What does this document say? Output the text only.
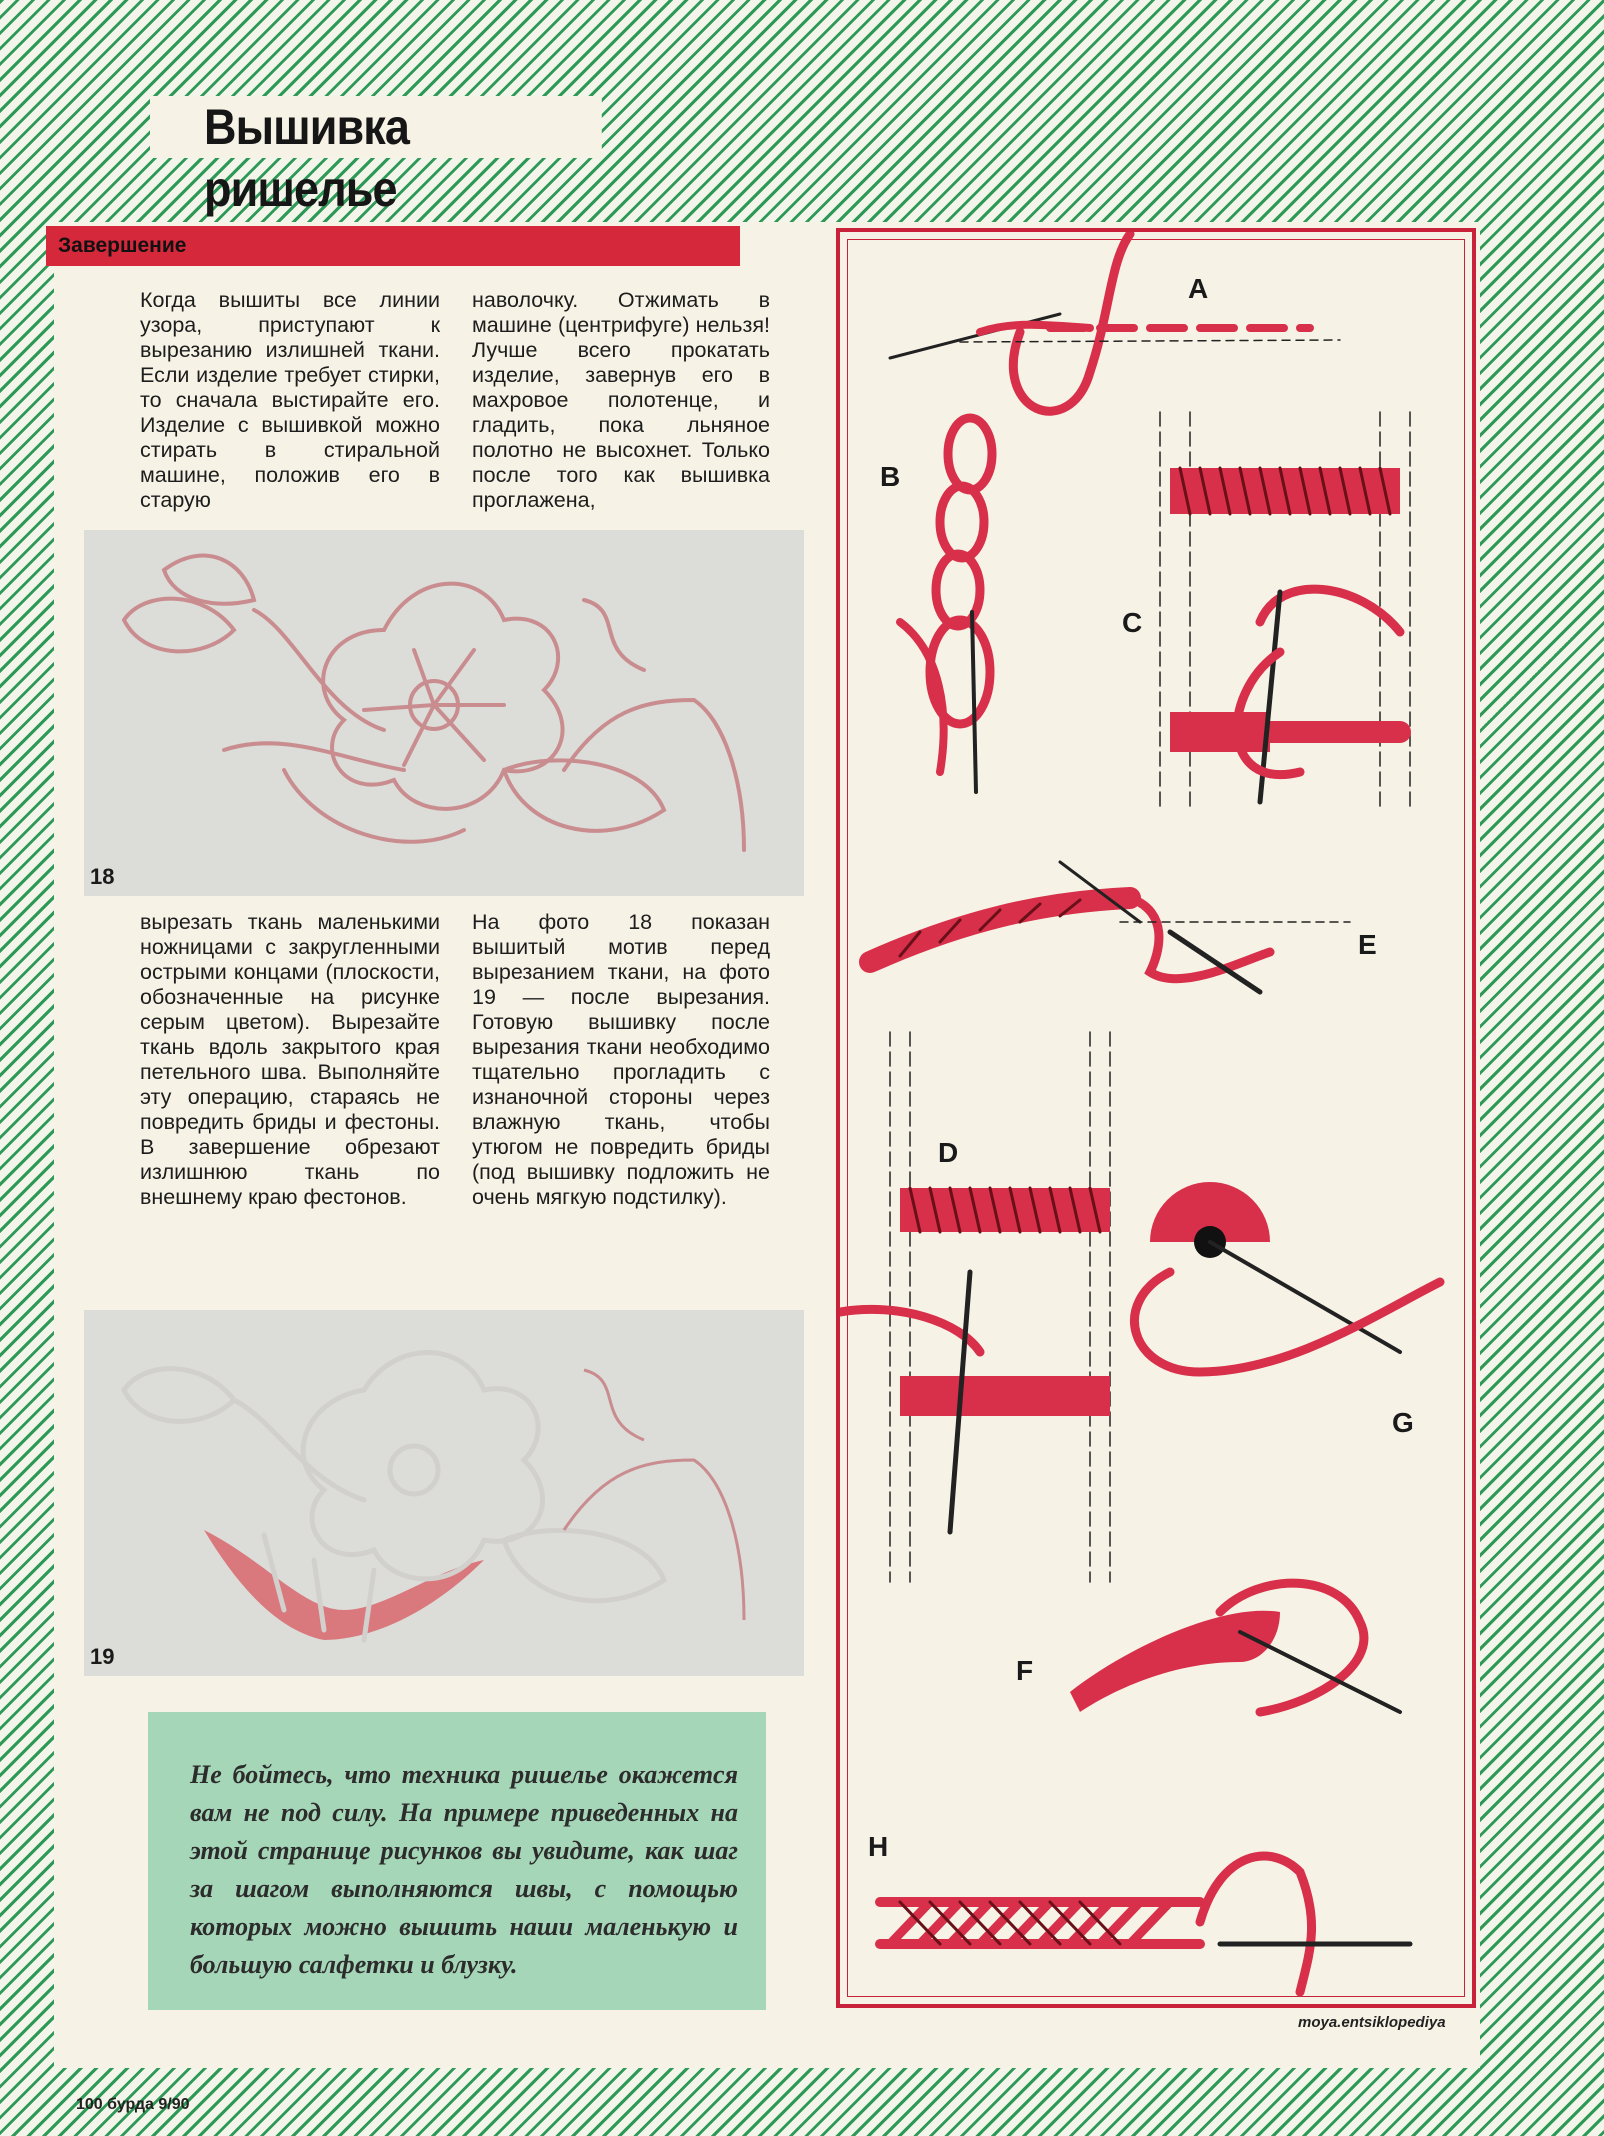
Вышивка ришелье
Завершение
Когда вышиты все линии узора, приступают к вырезанию излишней ткани. Если изделие требует стирки, то сначала выстирайте его. Изделие с вышивкой можно стирать в стиральной машине, положив его в старую
наволочку. Отжимать в машине (центрифуге) нельзя! Лучше всего прокатать изделие, завернув его в махровое полотенце, и гладить, пока льняное полотно не высохнет. Только после того как вышивка проглажена,
18
вырезать ткань маленькими ножницами с закругленными острыми концами (плоскости, обозначенные на рисунке серым цветом). Вырезайте ткань вдоль закрытого края петельного шва. Выполняйте эту операцию, стараясь не повредить бриды и фестоны. В завершение обрезают излишнюю ткань по внешнему краю фестонов.
На фото 18 показан вышитый мотив перед вырезанием ткани, на фото 19 — после вырезания. Готовую вышивку после вырезания ткани необходимо тщательно прогладить с изнаночной стороны через влажную ткань, чтобы утюгом не повредить бриды (под вышивку подложить не очень мягкую подстилку).
19
Не бойтесь, что техника ришелье окажется вам не под силу. На примере приведенных на этой странице рисунков вы увидите, как шаг за шагом выполняются швы, с помощью которых можно вышить наши маленькую и большую салфетки и блузку.
A
B
C
E
D
G
F
H
moya.entsiklopediya
100 бурда 9/90
